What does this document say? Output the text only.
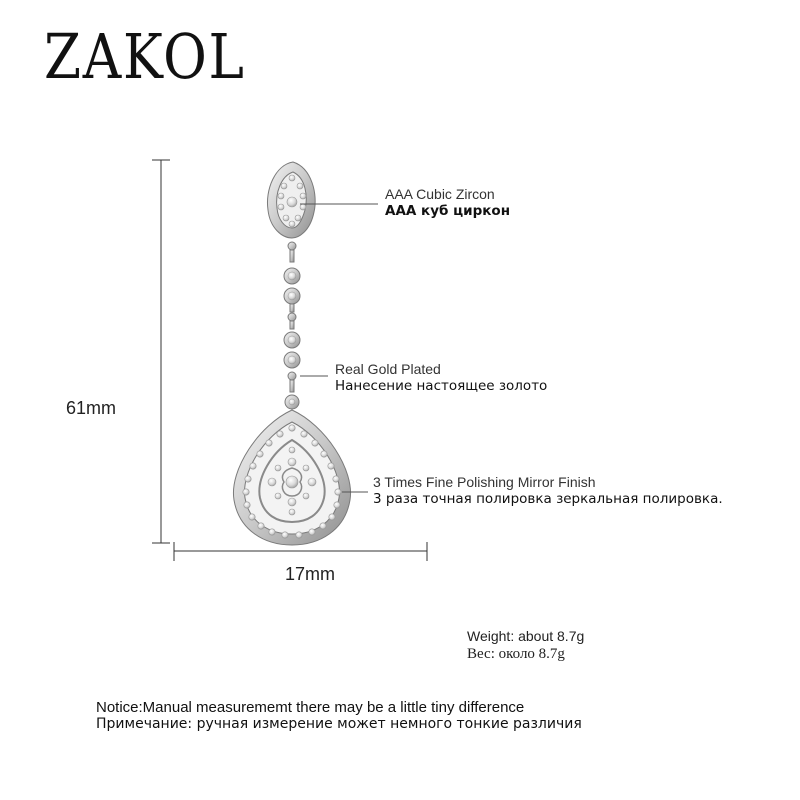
ZAKOL
AAA Cubic Zircon
AAA куб циркон
Real Gold Plated
Нанесение настоящее золото
3 Times Fine Polishing Mirror Finish
3 раза точная полировка зеркальная полировка.
61mm
17mm
Weight: about 8.7g
Вес: около 8.7g
Notice:Manual measurememt there may be a little tiny difference
Примечание: ручная измерение может немного тонкие различия
